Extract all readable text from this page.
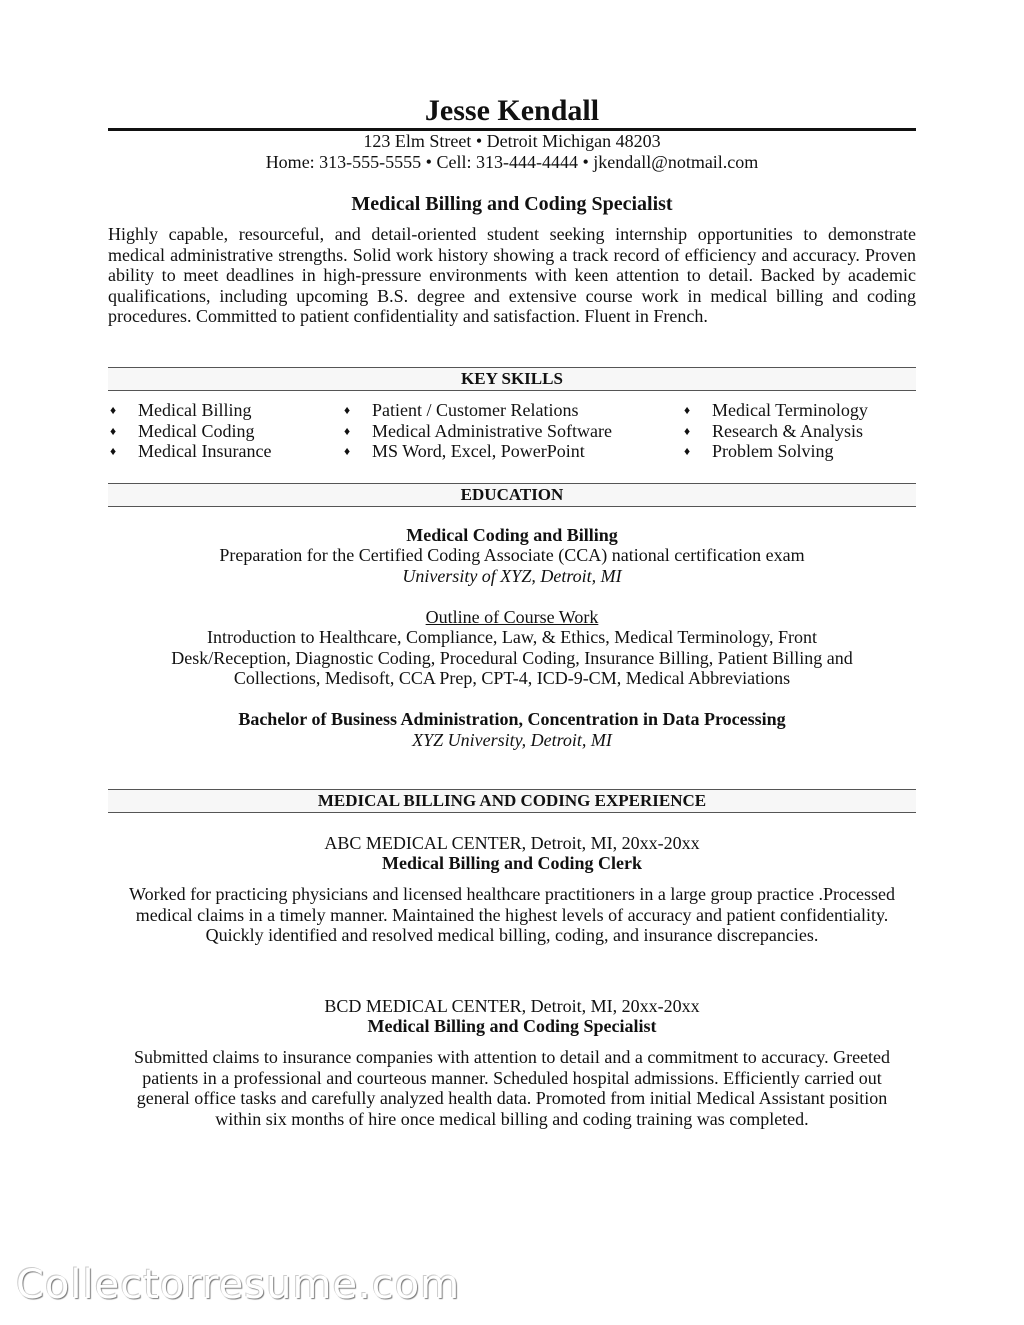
Jesse Kendall
123 Elm Street • Detroit Michigan 48203
Home: 313-555-5555 • Cell: 313-444-4444 • jkendall@notmail.com
Medical Billing and Coding Specialist
Highly capable, resourceful, and detail-oriented student seeking internship opportunities to demonstrate medical administrative strengths. Solid work history showing a track record of efficiency and accuracy. Proven ability to meet deadlines in high-pressure environments with keen attention to detail. Backed by academic qualifications, including upcoming B.S. degree and extensive course work in medical billing and coding procedures. Committed to patient confidentiality and satisfaction. Fluent in French.
KEY SKILLS
♦ Medical Billing
♦ Medical Coding
♦ Medical Insurance
♦ Patient / Customer Relations
♦ Medical Administrative Software
♦ MS Word, Excel, PowerPoint
♦ Medical Terminology
♦ Research & Analysis
♦ Problem Solving
EDUCATION
Medical Coding and Billing
Preparation for the Certified Coding Associate (CCA) national certification exam
University of XYZ, Detroit, MI
Outline of Course Work
Introduction to Healthcare, Compliance, Law, & Ethics, Medical Terminology, Front Desk/Reception, Diagnostic Coding, Procedural Coding, Insurance Billing, Patient Billing and Collections, Medisoft, CCA Prep, CPT-4, ICD-9-CM, Medical Abbreviations
Bachelor of Business Administration, Concentration in Data Processing
XYZ University, Detroit, MI
MEDICAL BILLING AND CODING EXPERIENCE
ABC MEDICAL CENTER, Detroit, MI, 20xx-20xx
Medical Billing and Coding Clerk
Worked for practicing physicians and licensed healthcare practitioners in a large group practice .Processed medical claims in a timely manner. Maintained the highest levels of accuracy and patient confidentiality. Quickly identified and resolved medical billing, coding, and insurance discrepancies.
BCD MEDICAL CENTER, Detroit, MI, 20xx-20xx
Medical Billing and Coding Specialist
Submitted claims to insurance companies with attention to detail and a commitment to accuracy. Greeted patients in a professional and courteous manner. Scheduled hospital admissions. Efficiently carried out general office tasks and carefully analyzed health data. Promoted from initial Medical Assistant position within six months of hire once medical billing and coding training was completed.
Collectorresume.com
